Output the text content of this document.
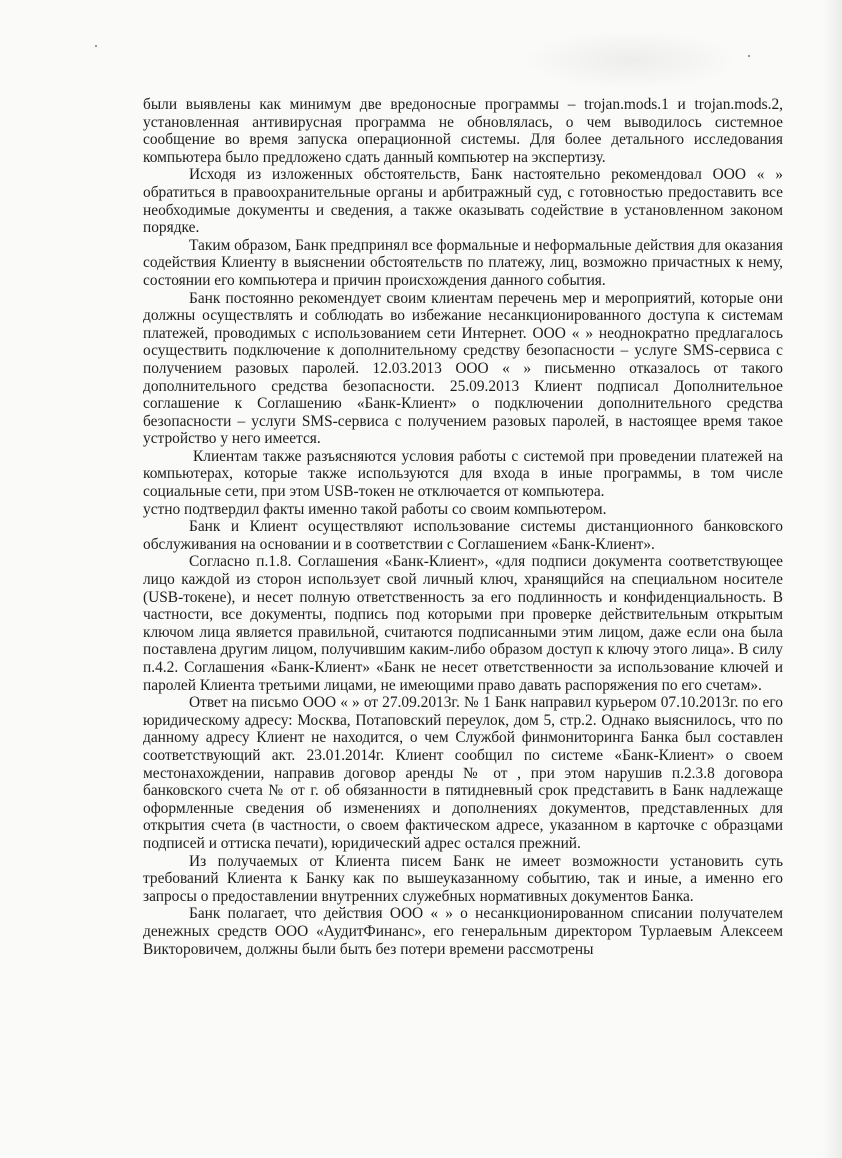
были выявлены как минимум две вредоносные программы – trojan.mods.1 и trojan.mods.2, установленная антивирусная программа не обновлялась, о чем выводилось системное сообщение во время запуска операционной системы. Для более детального исследования компьютера было предложено сдать данный компьютер на экспертизу.

Исходя из изложенных обстоятельств, Банк настоятельно рекомендовал ООО « » обратиться в правоохранительные органы и арбитражный суд, с готовностью предоставить все необходимые документы и сведения, а также оказывать содействие в установленном законом порядке.

Таким образом, Банк предпринял все формальные и неформальные действия для оказания содействия Клиенту в выяснении обстоятельств по платежу, лиц, возможно причастных к нему, состоянии его компьютера и причин происхождения данного события.

Банк постоянно рекомендует своим клиентам перечень мер и мероприятий, которые они должны осуществлять и соблюдать во избежание несанкционированного доступа к системам платежей, проводимых с использованием сети Интернет. ООО « » неоднократно предлагалось осуществить подключение к дополнительному средству безопасности – услуге SMS-сервиса с получением разовых паролей. 12.03.2013 ООО « » письменно отказалось от такого дополнительного средства безопасности. 25.09.2013 Клиент подписал Дополнительное соглашение к Соглашению «Банк-Клиент» о подключении дополнительного средства безопасности – услуги SMS-сервиса с получением разовых паролей, в настоящее время такое устройство у него имеется.

Клиентам также разъясняются условия работы с системой при проведении платежей на компьютерах, которые также используются для входа в иные программы, в том числе социальные сети, при этом USB-токен не отключается от компьютера.

устно подтвердил факты именно такой работы со своим компьютером.

Банк и Клиент осуществляют использование системы дистанционного банковского обслуживания на основании и в соответствии с Соглашением «Банк-Клиент».

Согласно п.1.8. Соглашения «Банк-Клиент», «для подписи документа соответствующее лицо каждой из сторон использует свой личный ключ, хранящийся на специальном носителе (USB-токене), и несет полную ответственность за его подлинность и конфиденциальность. В частности, все документы, подпись под которыми при проверке действительным открытым ключом лица является правильной, считаются подписанными этим лицом, даже если она была поставлена другим лицом, получившим каким-либо образом доступ к ключу этого лица». В силу п.4.2. Соглашения «Банк-Клиент» «Банк не несет ответственности за использование ключей и паролей Клиента третьими лицами, не имеющими право давать распоряжения по его счетам».

Ответ на письмо ООО « » от 27.09.2013г. № 1 Банк направил курьером 07.10.2013г. по его юридическому адресу: Москва, Потаповский переулок, дом 5, стр.2. Однако выяснилось, что по данному адресу Клиент не находится, о чем Службой финмониторинга Банка был составлен соответствующий акт. 23.01.2014г. Клиент сообщил по системе «Банк-Клиент» о своем местонахождении, направив договор аренды № от , при этом нарушив п.2.3.8 договора банковского счета № от г. об обязанности в пятидневный срок представить в Банк надлежаще оформленные сведения об изменениях и дополнениях документов, представленных для открытия счета (в частности, о своем фактическом адресе, указанном в карточке с образцами подписей и оттиска печати), юридический адрес остался прежний.

Из получаемых от Клиента писем Банк не имеет возможности установить суть требований Клиента к Банку как по вышеуказанному событию, так и иные, а именно его запросы о предоставлении внутренних служебных нормативных документов Банка.

Банк полагает, что действия ООО « » о несанкционированном списании получателем денежных средств ООО «АудитФинанс», его генеральным директором Турлаевым Алексеем Викторовичем, должны были быть без потери времени рассмотрены
